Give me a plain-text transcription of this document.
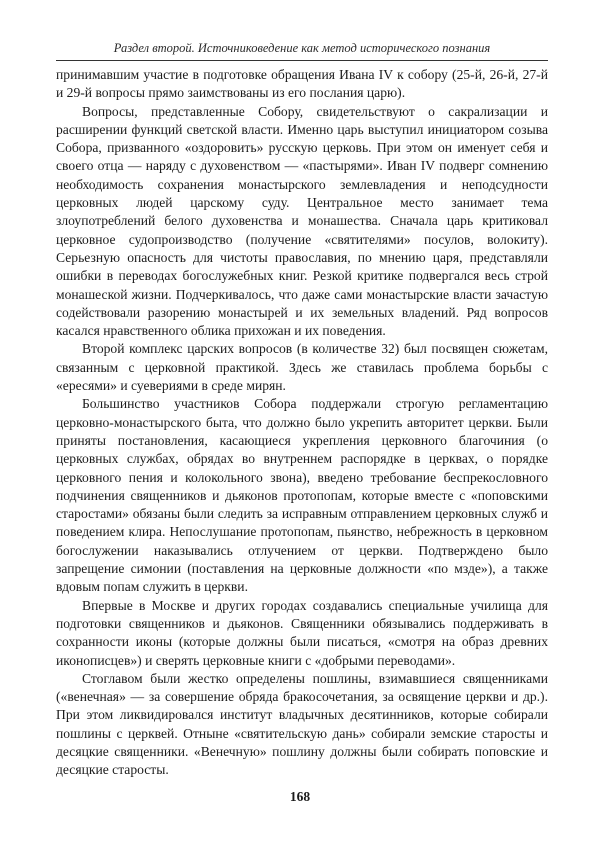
Раздел второй. Источниковедение как метод исторического познания

принимавшим участие в подготовке обращения Ивана IV к собору (25-й, 26-й, 27-й и 29-й вопросы прямо заимствованы из его послания царю).

Вопросы, представленные Собору, свидетельствуют о сакрализации и расширении функций светской власти. Именно царь выступил инициатором созыва Собора, призванного «оздоровить» русскую церковь. При этом он именует себя и своего отца — наряду с духовенством — «пастырями». Иван IV подверг сомнению необходимость сохранения монастырского землевладения и неподсудности церковных людей царскому суду. Центральное место занимает тема злоупотреблений белого духовенства и монашества. Сначала царь критиковал церковное судопроизводство (получение «святителями» посулов, волокиту). Серьезную опасность для чистоты православия, по мнению царя, представляли ошибки в переводах богослужебных книг. Резкой критике подвергался весь строй монашеской жизни. Подчеркивалось, что даже сами монастырские власти зачастую содействовали разорению монастырей и их земельных владений. Ряд вопросов касался нравственного облика прихожан и их поведения.

Второй комплекс царских вопросов (в количестве 32) был посвящен сюжетам, связанным с церковной практикой. Здесь же ставилась проблема борьбы с «ересями» и суевериями в среде мирян.

Большинство участников Собора поддержали строгую регламентацию церковно-монастырского быта, что должно было укрепить авторитет церкви. Были приняты постановления, касающиеся укрепления церковного благочиния (о церковных службах, обрядах во внутреннем распорядке в церквах, о порядке церковного пения и колокольного звона), введено требование беспрекословного подчинения священников и дьяконов протопопам, которые вместе с «поповскими старостами» обязаны были следить за исправным отправлением церковных служб и поведением клира. Непослушание протопопам, пьянство, небрежность в церковном богослужении наказывались отлучением от церкви. Подтверждено было запрещение симонии (поставления на церковные должности «по мзде»), а также вдовым попам служить в церкви.

Впервые в Москве и других городах создавались специальные училища для подготовки священников и дьяконов. Священники обязывались поддерживать в сохранности иконы (которые должны были писаться, «смотря на образ древних иконописцев») и сверять церковные книги с «добрыми переводами».

Стоглавом были жестко определены пошлины, взимавшиеся священниками («венечная» — за совершение обряда бракосочетания, за освящение церкви и др.). При этом ликвидировался институт владычных десятинников, которые собирали пошлины с церквей. Отныне «святительскую дань» собирали земские старосты и десяцкие священники. «Венечную» пошлину должны были собирать поповские и десяцкие старосты.

168
